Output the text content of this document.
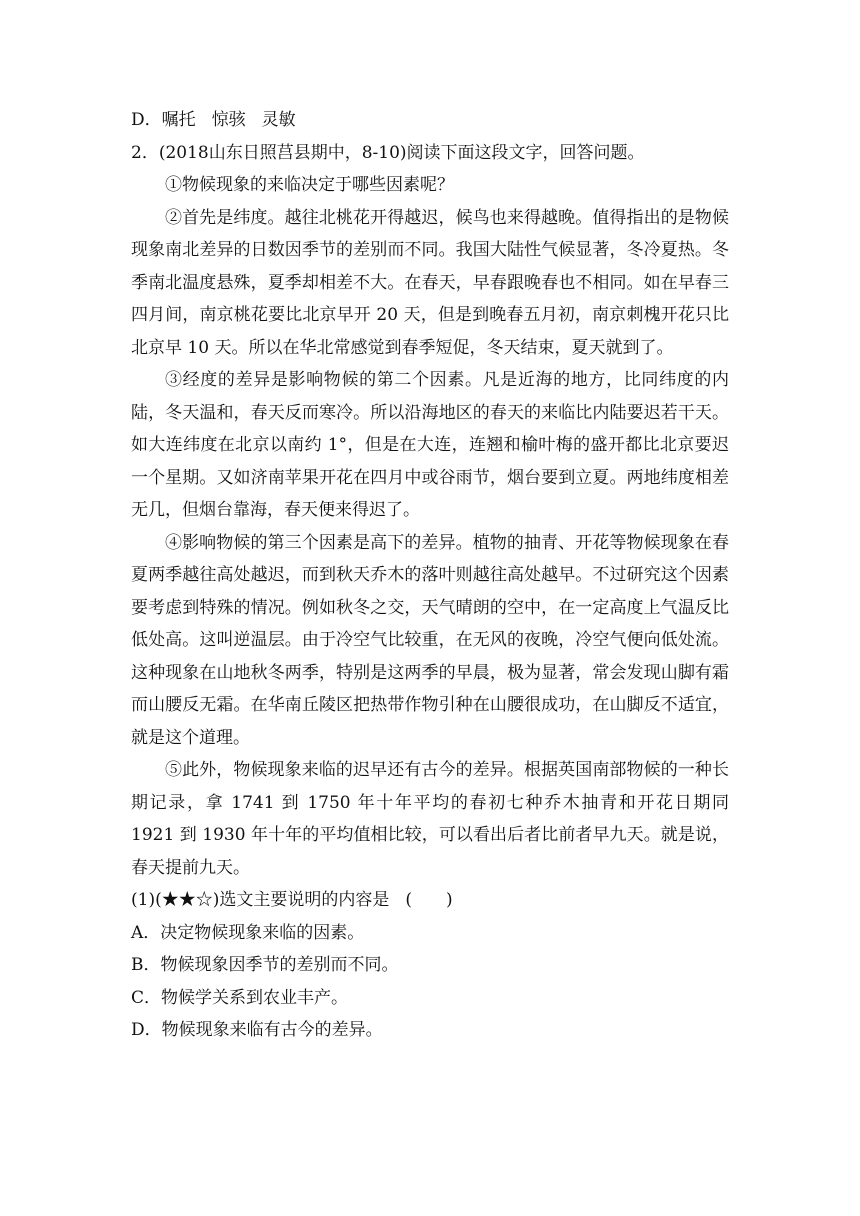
D．嘱托 惊骇 灵敏

2．(2018山东日照莒县期中，8-10)阅读下面这段文字，回答问题。

①物候现象的来临决定于哪些因素呢？

②首先是纬度。越往北桃花开得越迟，候鸟也来得越晚。值得指出的是物候现象南北差异的日数因季节的差别而不同。我国大陆性气候显著，冬冷夏热。冬季南北温度悬殊，夏季却相差不大。在春天，早春跟晚春也不相同。如在早春三四月间，南京桃花要比北京早开 20 天，但是到晚春五月初，南京刺槐开花只比北京早 10 天。所以在华北常感觉到春季短促，冬天结束，夏天就到了。

③经度的差异是影响物候的第二个因素。凡是近海的地方，比同纬度的内陆，冬天温和，春天反而寒冷。所以沿海地区的春天的来临比内陆要迟若干天。如大连纬度在北京以南约 1°，但是在大连，连翘和榆叶梅的盛开都比北京要迟一个星期。又如济南苹果开花在四月中或谷雨节，烟台要到立夏。两地纬度相差无几，但烟台靠海，春天便来得迟了。

④影响物候的第三个因素是高下的差异。植物的抽青、开花等物候现象在春夏两季越往高处越迟，而到秋天乔木的落叶则越往高处越早。不过研究这个因素要考虑到特殊的情况。例如秋冬之交，天气晴朗的空中，在一定高度上气温反比低处高。这叫逆温层。由于冷空气比较重，在无风的夜晚，冷空气便向低处流。这种现象在山地秋冬两季，特别是这两季的早晨，极为显著，常会发现山脚有霜而山腰反无霜。在华南丘陵区把热带作物引种在山腰很成功，在山脚反不适宜，就是这个道理。

⑤此外，物候现象来临的迟早还有古今的差异。根据英国南部物候的一种长期记录，拿 1741 到 1750 年十年平均的春初七种乔木抽青和开花日期同 1921 到 1930 年十年的平均值相比较，可以看出后者比前者早九天。就是说，春天提前九天。

(1)(★★☆)选文主要说明的内容是 (　　)

A．决定物候现象来临的因素。

B．物候现象因季节的差别而不同。

C．物候学关系到农业丰产。

D．物候现象来临有古今的差异。
